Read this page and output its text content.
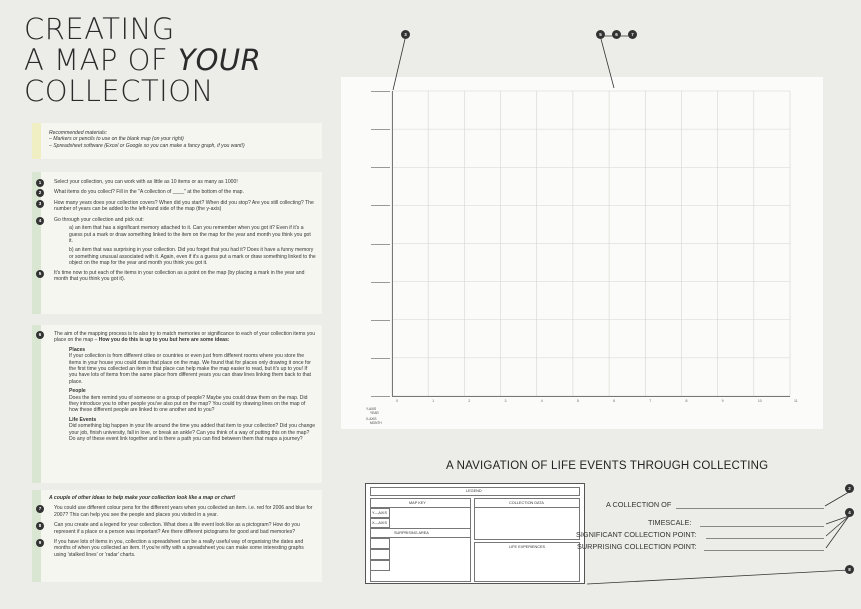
CREATING
A MAP OF YOUR
COLLECTION
Recommended materials:
– Markers or pencils to use on the blank map (on your right)
– Spreadsheet software (Excel or Google so you can make a fancy graph, if you want!)
1	Select your collection, you can work with as little as 10 items or as many as 1000!
2	What items do you collect? Fill in the "A collection of ____" at the bottom of the map.
3	How many years does your collection covers? When did you start? When did you stop? Are you still collecting? The number of years can be added to the left-hand side of the map (the y-axis)
4	Go through your collection and pick out:
a) an item that has a significant memory attached to it. Can you remember when you got it? Even if it's a guess put a mark or draw something linked to the item on the map for the year and month you think you got it.
b) an item that was surprising in your collection. Did you forget that you had it? Does it have a funny memory or something unusual associated with it. Again, even if it's a guess put a mark or draw something linked to the object on the map for the year and month you think you got it.
5	It's time now to put each of the items in your collection as a point on the map (by placing a mark in the year and month that you think you got it).
6	The aim of the mapping process is to also try to match memories or significance to each of your collection items you place on the map – How you do this is up to you but here are some ideas:
Places
If your collection is from different cities or countries or even just from different rooms where you store the items in your house you could draw that place on the map. We found that for places only drawing it once for the first time you collected an item in that place can help make the map easier to read, but it's up to you! If you have lots of items from the same place from different years you can draw lines linking them back to that place.
People
Does the item remind you of someone or a group of people? Maybe you could draw them on the map. Did they introduce you to other people you've also put on the map? You could try drawing lines on the map of how these different people are linked to one another and to you?
Life Events
Did something big happen in your life around the time you added that item to your collection? Did you change your job, finish university, fall in love, or break an ankle? Can you think of a way of putting this on the map? Do any of these event link together and is there a path you can find between them that maps a journey?
A couple of other ideas to help make your collection look like a map or chart!
7	You could use different colour pens for the different years when you collected an item. i.e. red for 2006 and blue for 2007? This can help you see the people and places you visited in a year.
8	Can you create and a legend for your collection. What does a life event look like as a pictogram? How do you represent if a place or a person was important? Are there different pictograms for good and bad memories?
9	If you have lots of items in you, collection a spreadsheet can be a really useful way of organising the dates and months of when you collected an item. If you're nifty with a spreadsheet you can make some interesting graphs using 'stalked lines' or 'radar' charts.
0	1	2	3	4	5	6	7	8	9	10	11
Y-AXIS
YEAR
X-AXIS
MONTH
3	5	6	7
2
4
8
A NAVIGATION OF LIFE EVENTS THROUGH COLLECTING
LEGEND
MAP KEY
Y—AXIS
X—AXIS
SURPRISING AREA
COLLECTION DATA
LIFE EXPERIENCES
A COLLECTION OF
TIMESCALE:
SIGNIFICANT COLLECTION POINT:
SURPRISING COLLECTION POINT:
